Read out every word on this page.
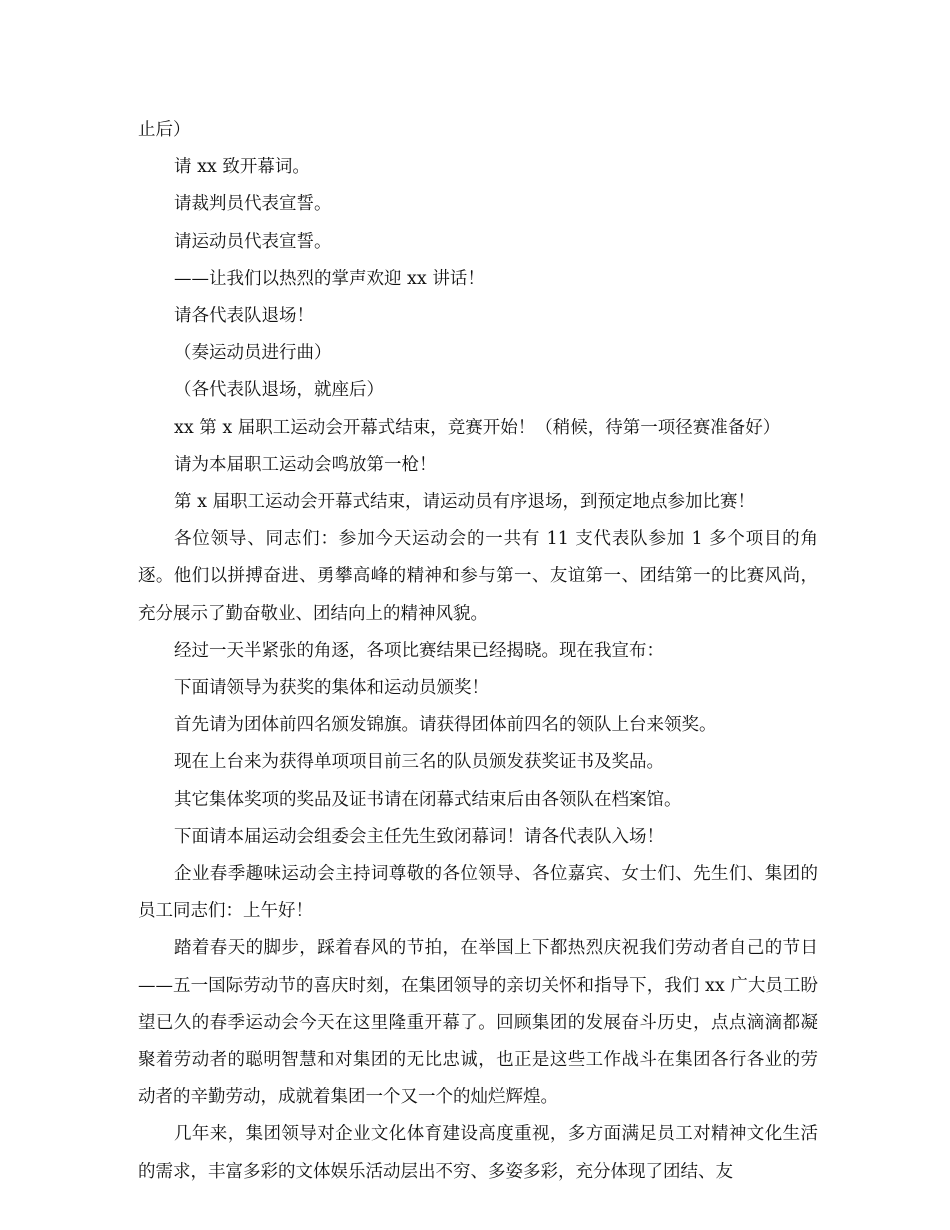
止后）

请 xx 致开幕词。

请裁判员代表宣誓。

请运动员代表宣誓。

——让我们以热烈的掌声欢迎 xx 讲话！

请各代表队退场！

（奏运动员进行曲）

（各代表队退场，就座后）

xx 第 x 届职工运动会开幕式结束，竞赛开始！（稍候，待第一项径赛准备好）

请为本届职工运动会鸣放第一枪！

第 x 届职工运动会开幕式结束，请运动员有序退场，到预定地点参加比赛！

各位领导、同志们：参加今天运动会的一共有 11 支代表队参加 1 多个项目的角逐。他们以拼搏奋进、勇攀高峰的精神和参与第一、友谊第一、团结第一的比赛风尚，充分展示了勤奋敬业、团结向上的精神风貌。

经过一天半紧张的角逐，各项比赛结果已经揭晓。现在我宣布：

下面请领导为获奖的集体和运动员颁奖！

首先请为团体前四名颁发锦旗。请获得团体前四名的领队上台来领奖。

现在上台来为获得单项项目前三名的队员颁发获奖证书及奖品。

其它集体奖项的奖品及证书请在闭幕式结束后由各领队在档案馆。

下面请本届运动会组委会主任先生致闭幕词！请各代表队入场！

企业春季趣味运动会主持词尊敬的各位领导、各位嘉宾、女士们、先生们、集团的员工同志们：上午好！

踏着春天的脚步，踩着春风的节拍，在举国上下都热烈庆祝我们劳动者自己的节日——五一国际劳动节的喜庆时刻，在集团领导的亲切关怀和指导下，我们 xx 广大员工盼望已久的春季运动会今天在这里隆重开幕了。回顾集团的发展奋斗历史，点点滴滴都凝聚着劳动者的聪明智慧和对集团的无比忠诚，也正是这些工作战斗在集团各行各业的劳动者的辛勤劳动，成就着集团一个又一个的灿烂辉煌。

几年来，集团领导对企业文化体育建设高度重视，多方面满足员工对精神文化生活的需求，丰富多彩的文体娱乐活动层出不穷、多姿多彩，充分体现了团结、友
